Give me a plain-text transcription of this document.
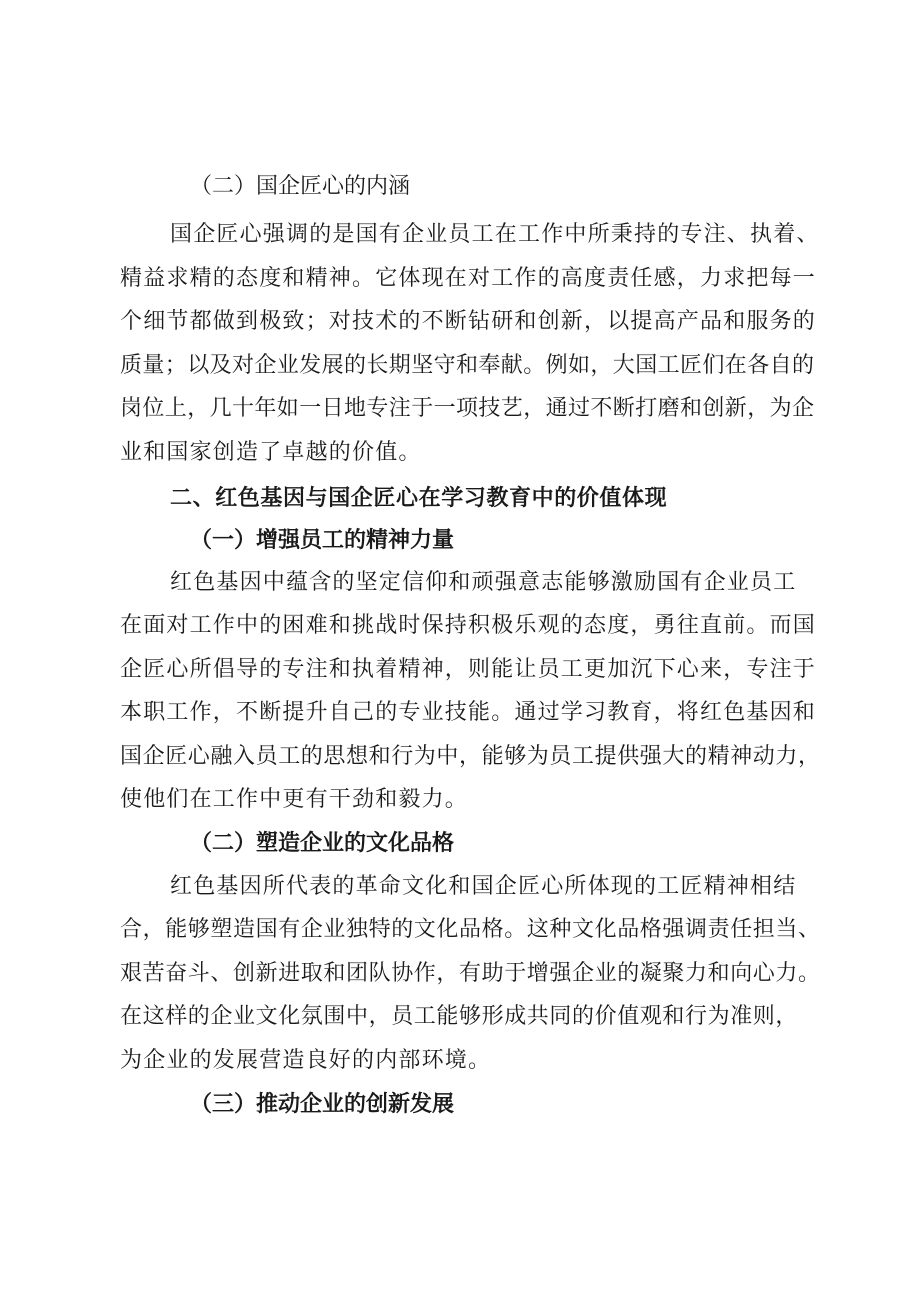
（二）国企匠心的内涵
国企匠心强调的是国有企业员工在工作中所秉持的专注、执着、
精益求精的态度和精神。它体现在对工作的高度责任感，力求把每一
个细节都做到极致；对技术的不断钻研和创新，以提高产品和服务的
质量；以及对企业发展的长期坚守和奉献。例如，大国工匠们在各自的
岗位上，几十年如一日地专注于一项技艺，通过不断打磨和创新，为企
业和国家创造了卓越的价值。
二、红色基因与国企匠心在学习教育中的价值体现
（一）增强员工的精神力量
红色基因中蕴含的坚定信仰和顽强意志能够激励国有企业员工
在面对工作中的困难和挑战时保持积极乐观的态度，勇往直前。而国
企匠心所倡导的专注和执着精神，则能让员工更加沉下心来，专注于
本职工作，不断提升自己的专业技能。通过学习教育，将红色基因和
国企匠心融入员工的思想和行为中，能够为员工提供强大的精神动力，
使他们在工作中更有干劲和毅力。
（二）塑造企业的文化品格
红色基因所代表的革命文化和国企匠心所体现的工匠精神相结
合，能够塑造国有企业独特的文化品格。这种文化品格强调责任担当、
艰苦奋斗、创新进取和团队协作，有助于增强企业的凝聚力和向心力。
在这样的企业文化氛围中，员工能够形成共同的价值观和行为准则，
为企业的发展营造良好的内部环境。
（三）推动企业的创新发展
